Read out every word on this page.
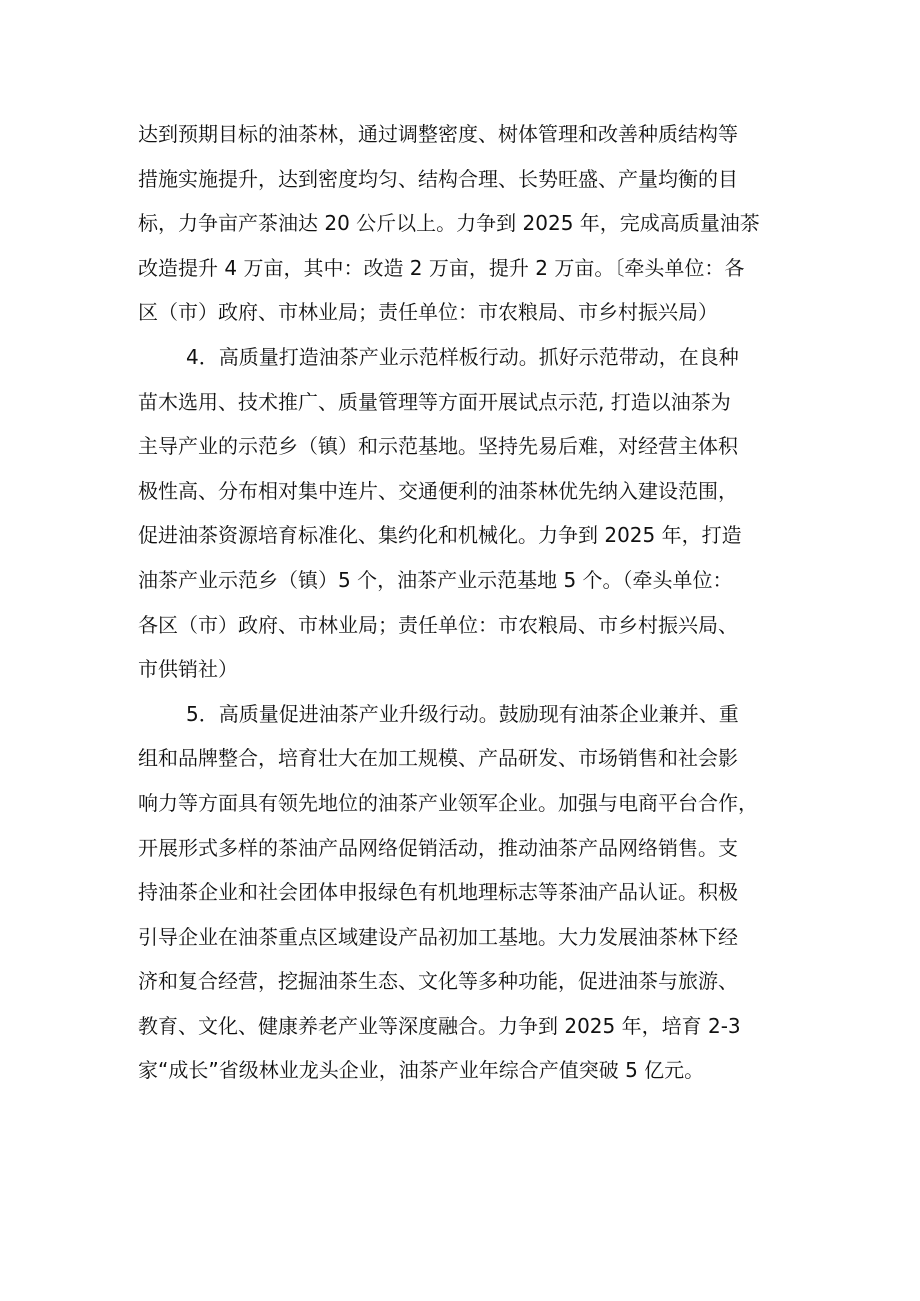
达到预期目标的油茶林，通过调整密度、树体管理和改善种质结构等
措施实施提升，达到密度均匀、结构合理、长势旺盛、产量均衡的目
标，力争亩产茶油达 20 公斤以上。力争到 2025 年，完成高质量油茶
改造提升 4 万亩，其中：改造 2 万亩，提升 2 万亩。〔牵头单位：各
区（市）政府、市林业局；责任单位：市农粮局、市乡村振兴局）
4．高质量打造油茶产业示范样板行动。抓好示范带动，在良种
苗木选用、技术推广、质量管理等方面开展试点示范, 打造以油茶为
主导产业的示范乡（镇）和示范基地。坚持先易后难，对经营主体积
极性高、分布相对集中连片、交通便利的油茶林优先纳入建设范围，
促进油茶资源培育标准化、集约化和机械化。力争到 2025 年，打造
油茶产业示范乡（镇）5 个，油茶产业示范基地 5 个。（牵头单位：
各区（市）政府、市林业局；责任单位：市农粮局、市乡村振兴局、
市供销社）
5．高质量促进油茶产业升级行动。鼓励现有油茶企业兼并、重
组和品牌整合，培育壮大在加工规模、产品研发、市场销售和社会影
响力等方面具有领先地位的油茶产业领军企业。加强与电商平台合作，
开展形式多样的茶油产品网络促销活动，推动油茶产品网络销售。支
持油茶企业和社会团体申报绿色有机地理标志等茶油产品认证。积极
引导企业在油茶重点区域建设产品初加工基地。大力发展油茶林下经
济和复合经营，挖掘油茶生态、文化等多种功能，促进油茶与旅游、
教育、文化、健康养老产业等深度融合。力争到 2025 年，培育 2-3
家“成长”省级林业龙头企业，油茶产业年综合产值突破 5 亿元。
